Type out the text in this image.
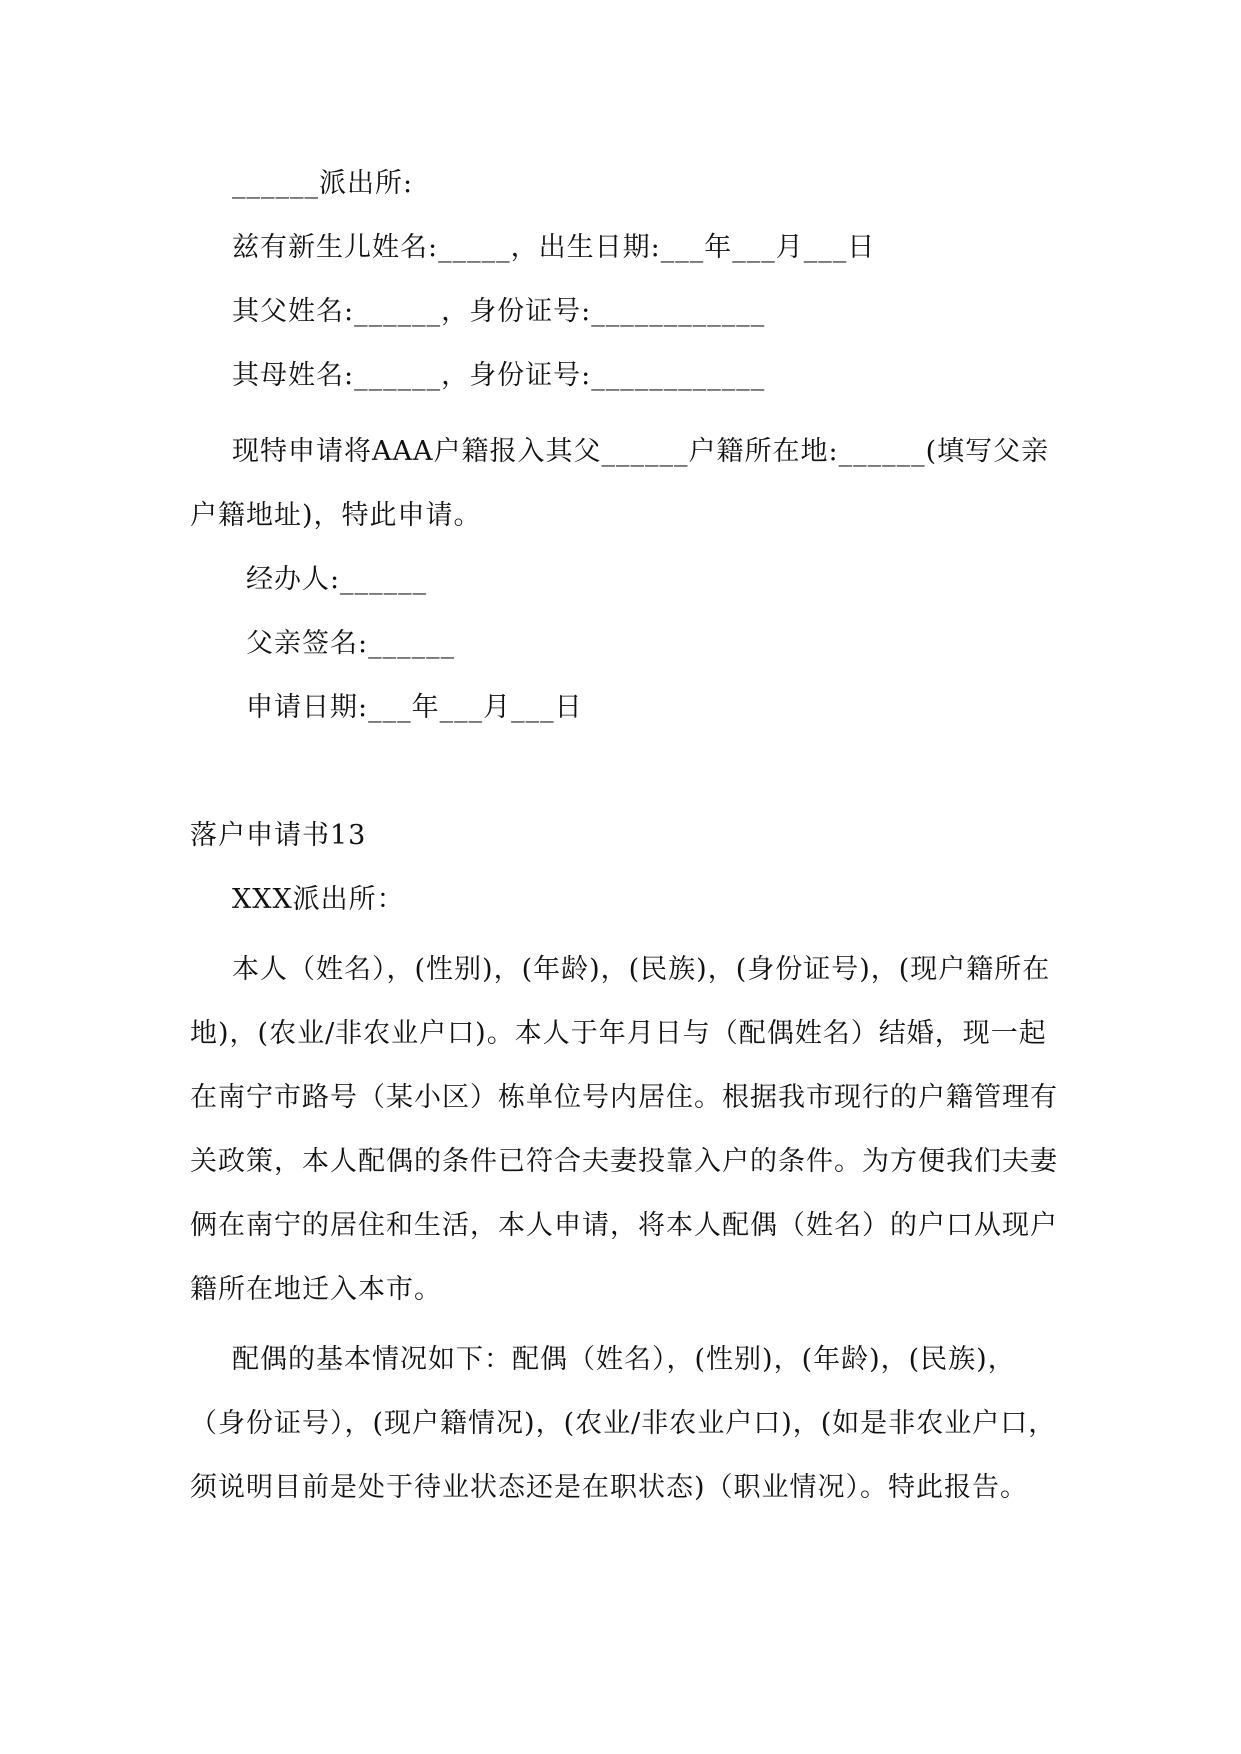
______派出所:
兹有新生儿姓名:_____，出生日期:___年___月___日
其父姓名:______，身份证号:____________
其母姓名:______，身份证号:____________
现特申请将AAA户籍报入其父______户籍所在地:______(填写父亲户籍地址)，特此申请。
经办人:______
父亲签名:______
申请日期:___年___月___日
落户申请书13
XXX派出所：
本人（姓名），(性别)，(年龄)，(民族)，(身份证号)，(现户籍所在地)，(农业/非农业户口)。本人于年月日与（配偶姓名）结婚，现一起在南宁市路号（某小区）栋单位号内居住。根据我市现行的户籍管理有关政策，本人配偶的条件已符合夫妻投靠入户的条件。为方便我们夫妻俩在南宁的居住和生活，本人申请，将本人配偶（姓名）的户口从现户籍所在地迁入本市。
配偶的基本情况如下：配偶（姓名），(性别)，(年龄)，(民族)，（身份证号），(现户籍情况)，(农业/非农业户口)，(如是非农业户口，须说明目前是处于待业状态还是在职状态)（职业情况）。特此报告。
